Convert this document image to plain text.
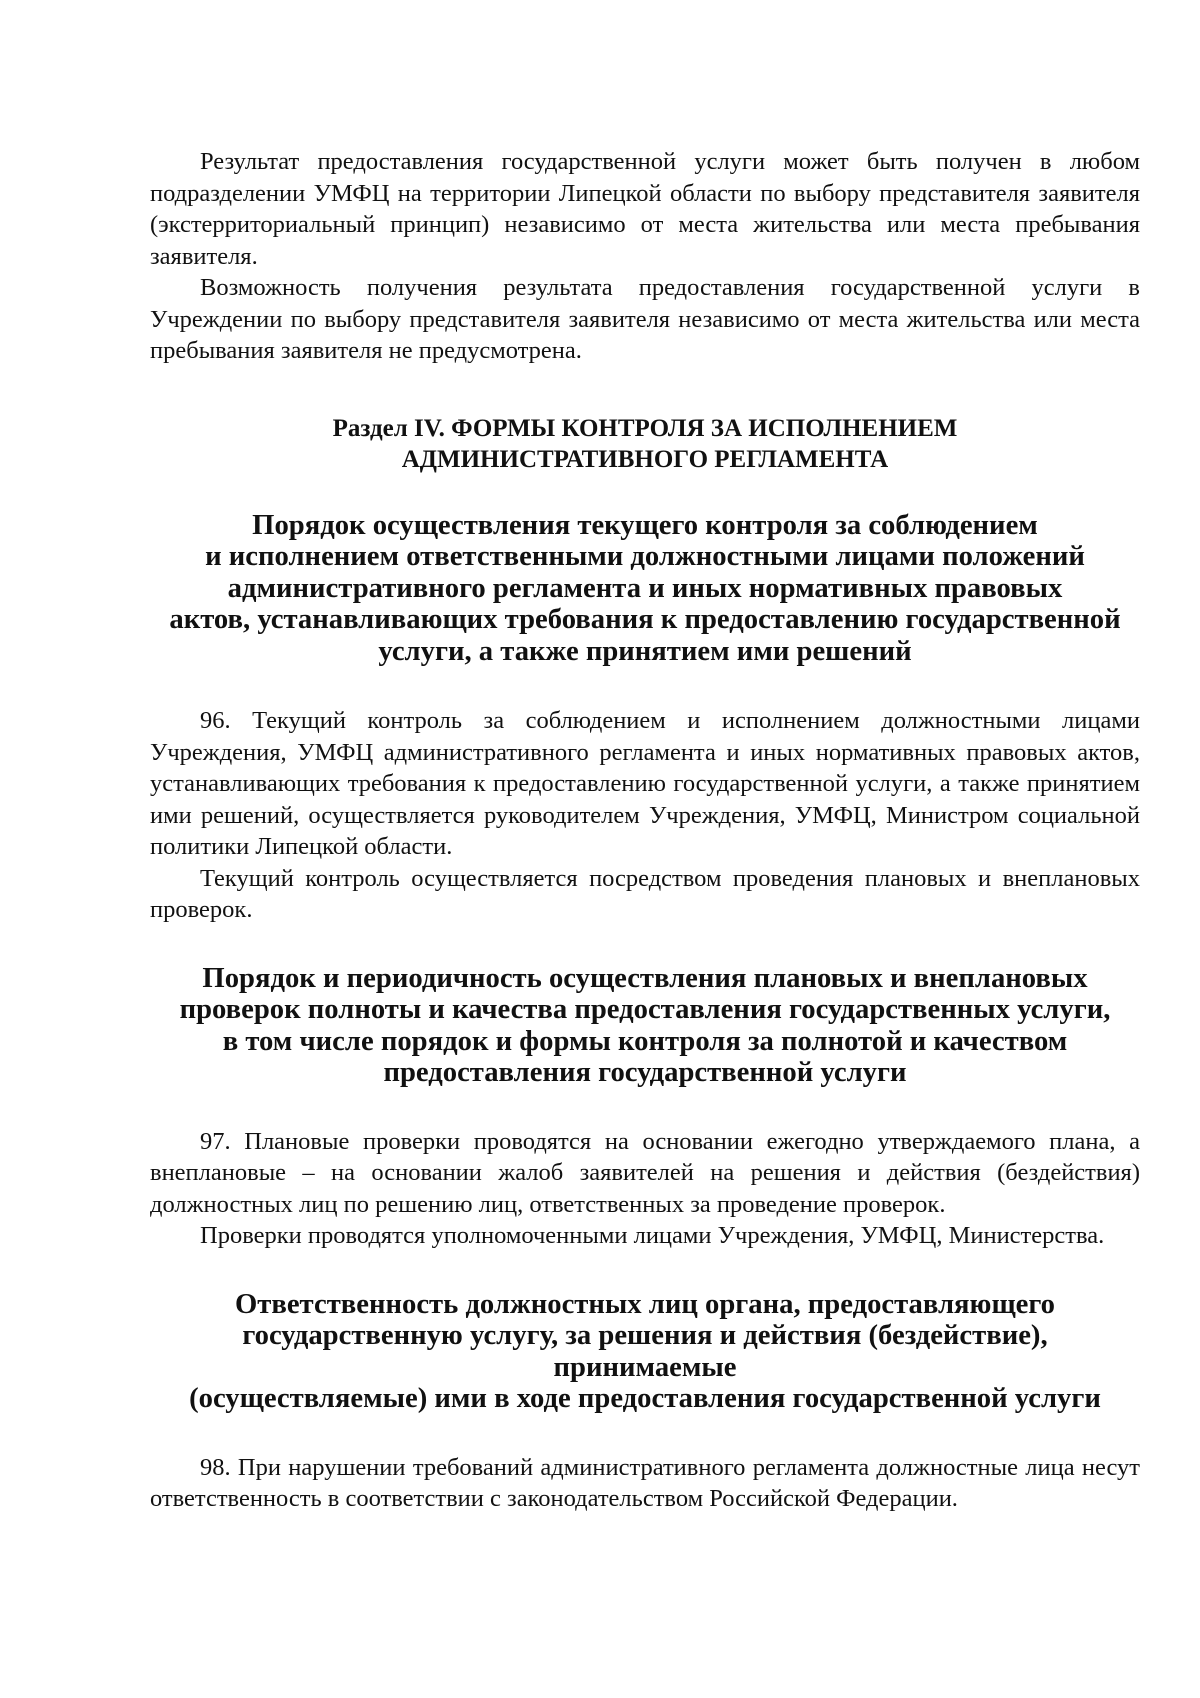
Результат предоставления государственной услуги может быть получен в любом подразделении УМФЦ на территории Липецкой области по выбору представителя заявителя (экстерриториальный принцип) независимо от места жительства или места пребывания заявителя.

Возможность получения результата предоставления государственной услуги в Учреждении по выбору представителя заявителя независимо от места жительства или места пребывания заявителя не предусмотрена.

Раздел IV. ФОРМЫ КОНТРОЛЯ ЗА ИСПОЛНЕНИЕМ
АДМИНИСТРАТИВНОГО РЕГЛАМЕНТА
Порядок осуществления текущего контроля за соблюдением
и исполнением ответственными должностными лицами положений
административного регламента и иных нормативных правовых
актов, устанавливающих требования к предоставлению государственной
услуги, а также принятием ими решений

96. Текущий контроль за соблюдением и исполнением должностными лицами Учреждения, УМФЦ административного регламента и иных нормативных правовых актов, устанавливающих требования к предоставлению государственной услуги, а также принятием ими решений, осуществляется руководителем Учреждения, УМФЦ, Министром социальной политики Липецкой области.

Текущий контроль осуществляется посредством проведения плановых и внеплановых проверок.

Порядок и периодичность осуществления плановых и внеплановых
проверок полноты и качества предоставления государственных услуги,
в том числе порядок и формы контроля за полнотой и качеством
предоставления государственной услуги

97. Плановые проверки проводятся на основании ежегодно утверждаемого плана, а внеплановые – на основании жалоб заявителей на решения и действия (бездействия) должностных лиц по решению лиц, ответственных за проведение проверок.

Проверки проводятся уполномоченными лицами Учреждения, УМФЦ, Министерства.

Ответственность должностных лиц органа, предоставляющего
государственную услугу, за решения и действия (бездействие), принимаемые
(осуществляемые) ими в ходе предоставления государственной услуги

98. При нарушении требований административного регламента должностные лица несут ответственность в соответствии с законодательством Российской Федерации.
